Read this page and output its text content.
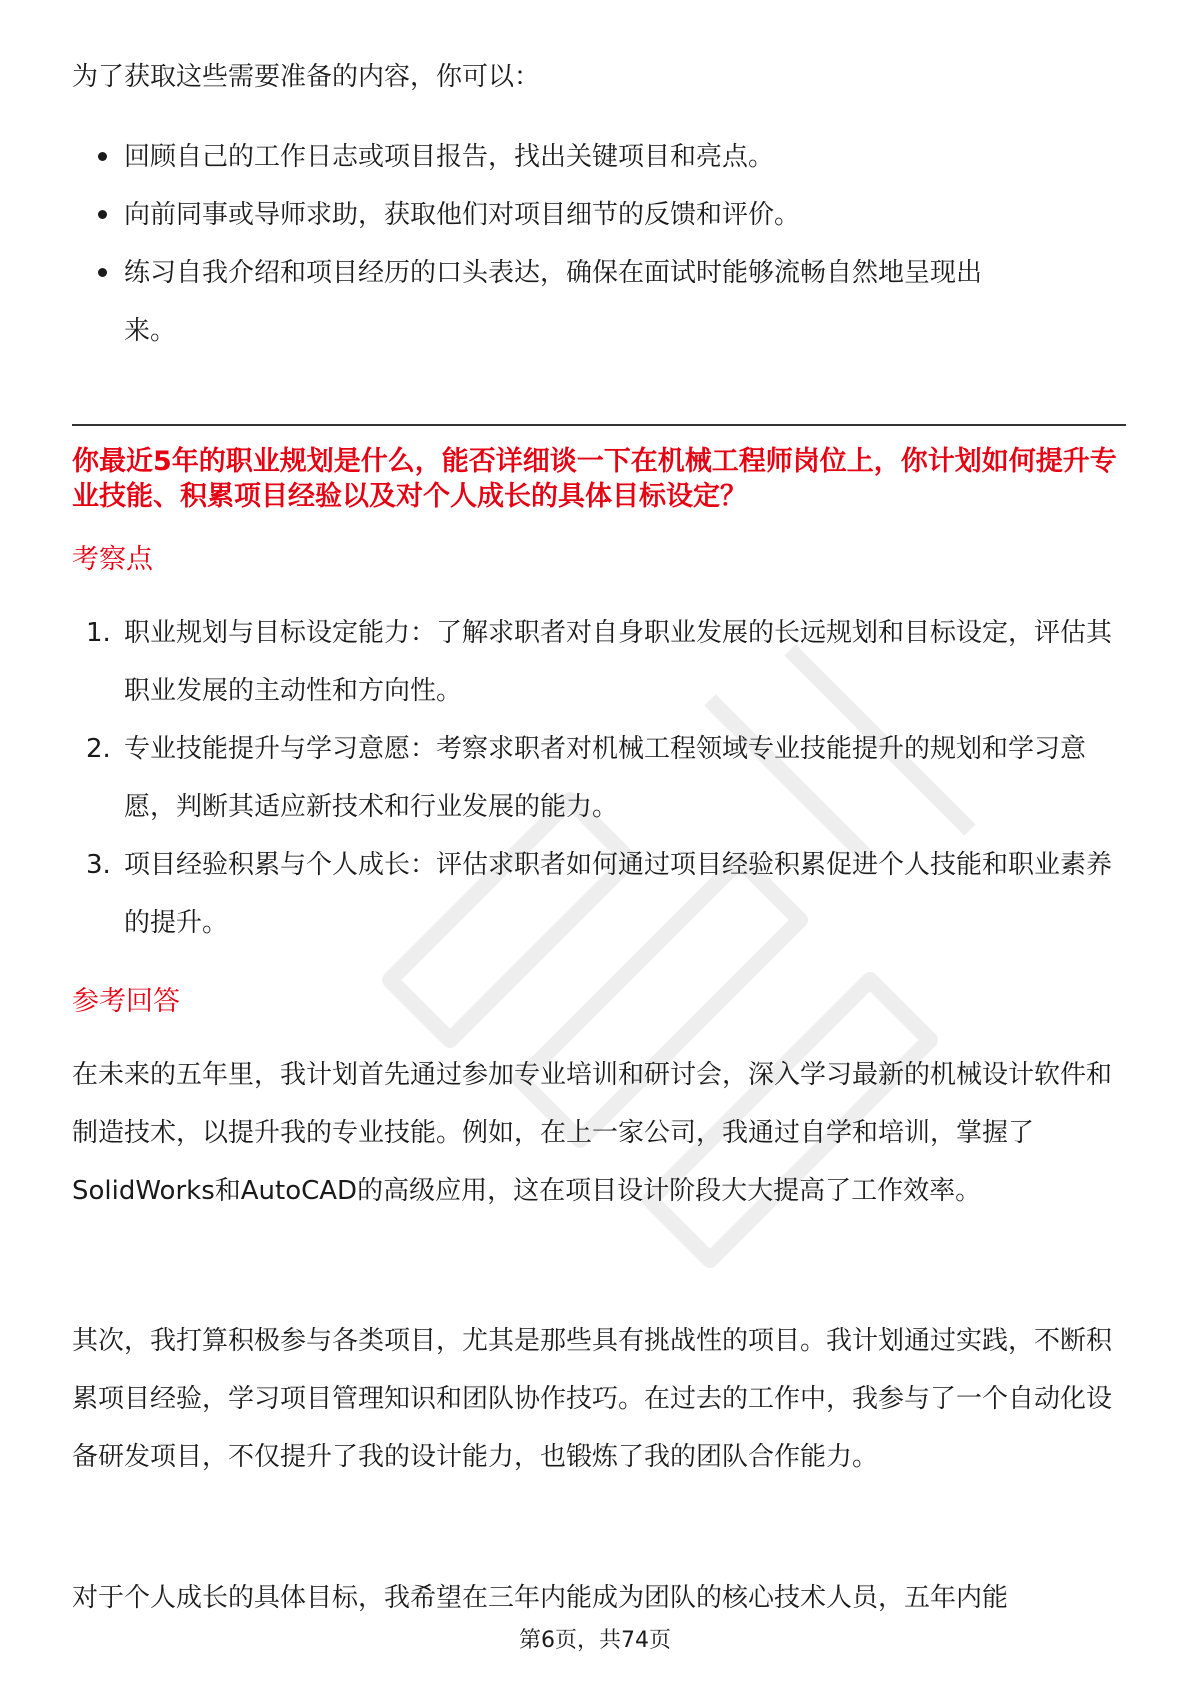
为了获取这些需要准备的内容，你可以：

回顾自己的工作日志或项目报告，找出关键项目和亮点。
向前同事或导师求助，获取他们对项目细节的反馈和评价。
练习自我介绍和项目经历的口头表达，确保在面试时能够流畅自然地呈现出来。

你最近5年的职业规划是什么，能否详细谈一下在机械工程师岗位上，你计划如何提升专业技能、积累项目经验以及对个人成长的具体目标设定？

考察点

1. 职业规划与目标设定能力：了解求职者对自身职业发展的长远规划和目标设定，评估其职业发展的主动性和方向性。
2. 专业技能提升与学习意愿：考察求职者对机械工程领域专业技能提升的规划和学习意愿，判断其适应新技术和行业发展的能力。
3. 项目经验积累与个人成长：评估求职者如何通过项目经验积累促进个人技能和职业素养的提升。

参考回答

在未来的五年里，我计划首先通过参加专业培训和研讨会，深入学习最新的机械设计软件和制造技术，以提升我的专业技能。例如，在上一家公司，我通过自学和培训，掌握了SolidWorks和AutoCAD的高级应用，这在项目设计阶段大大提高了工作效率。

其次，我打算积极参与各类项目，尤其是那些具有挑战性的项目。我计划通过实践，不断积累项目经验，学习项目管理知识和团队协作技巧。在过去的工作中，我参与了一个自动化设备研发项目，不仅提升了我的设计能力，也锻炼了我的团队合作能力。

对于个人成长的具体目标，我希望在三年内能成为团队的核心技术人员，五年内能

第6页，共74页
